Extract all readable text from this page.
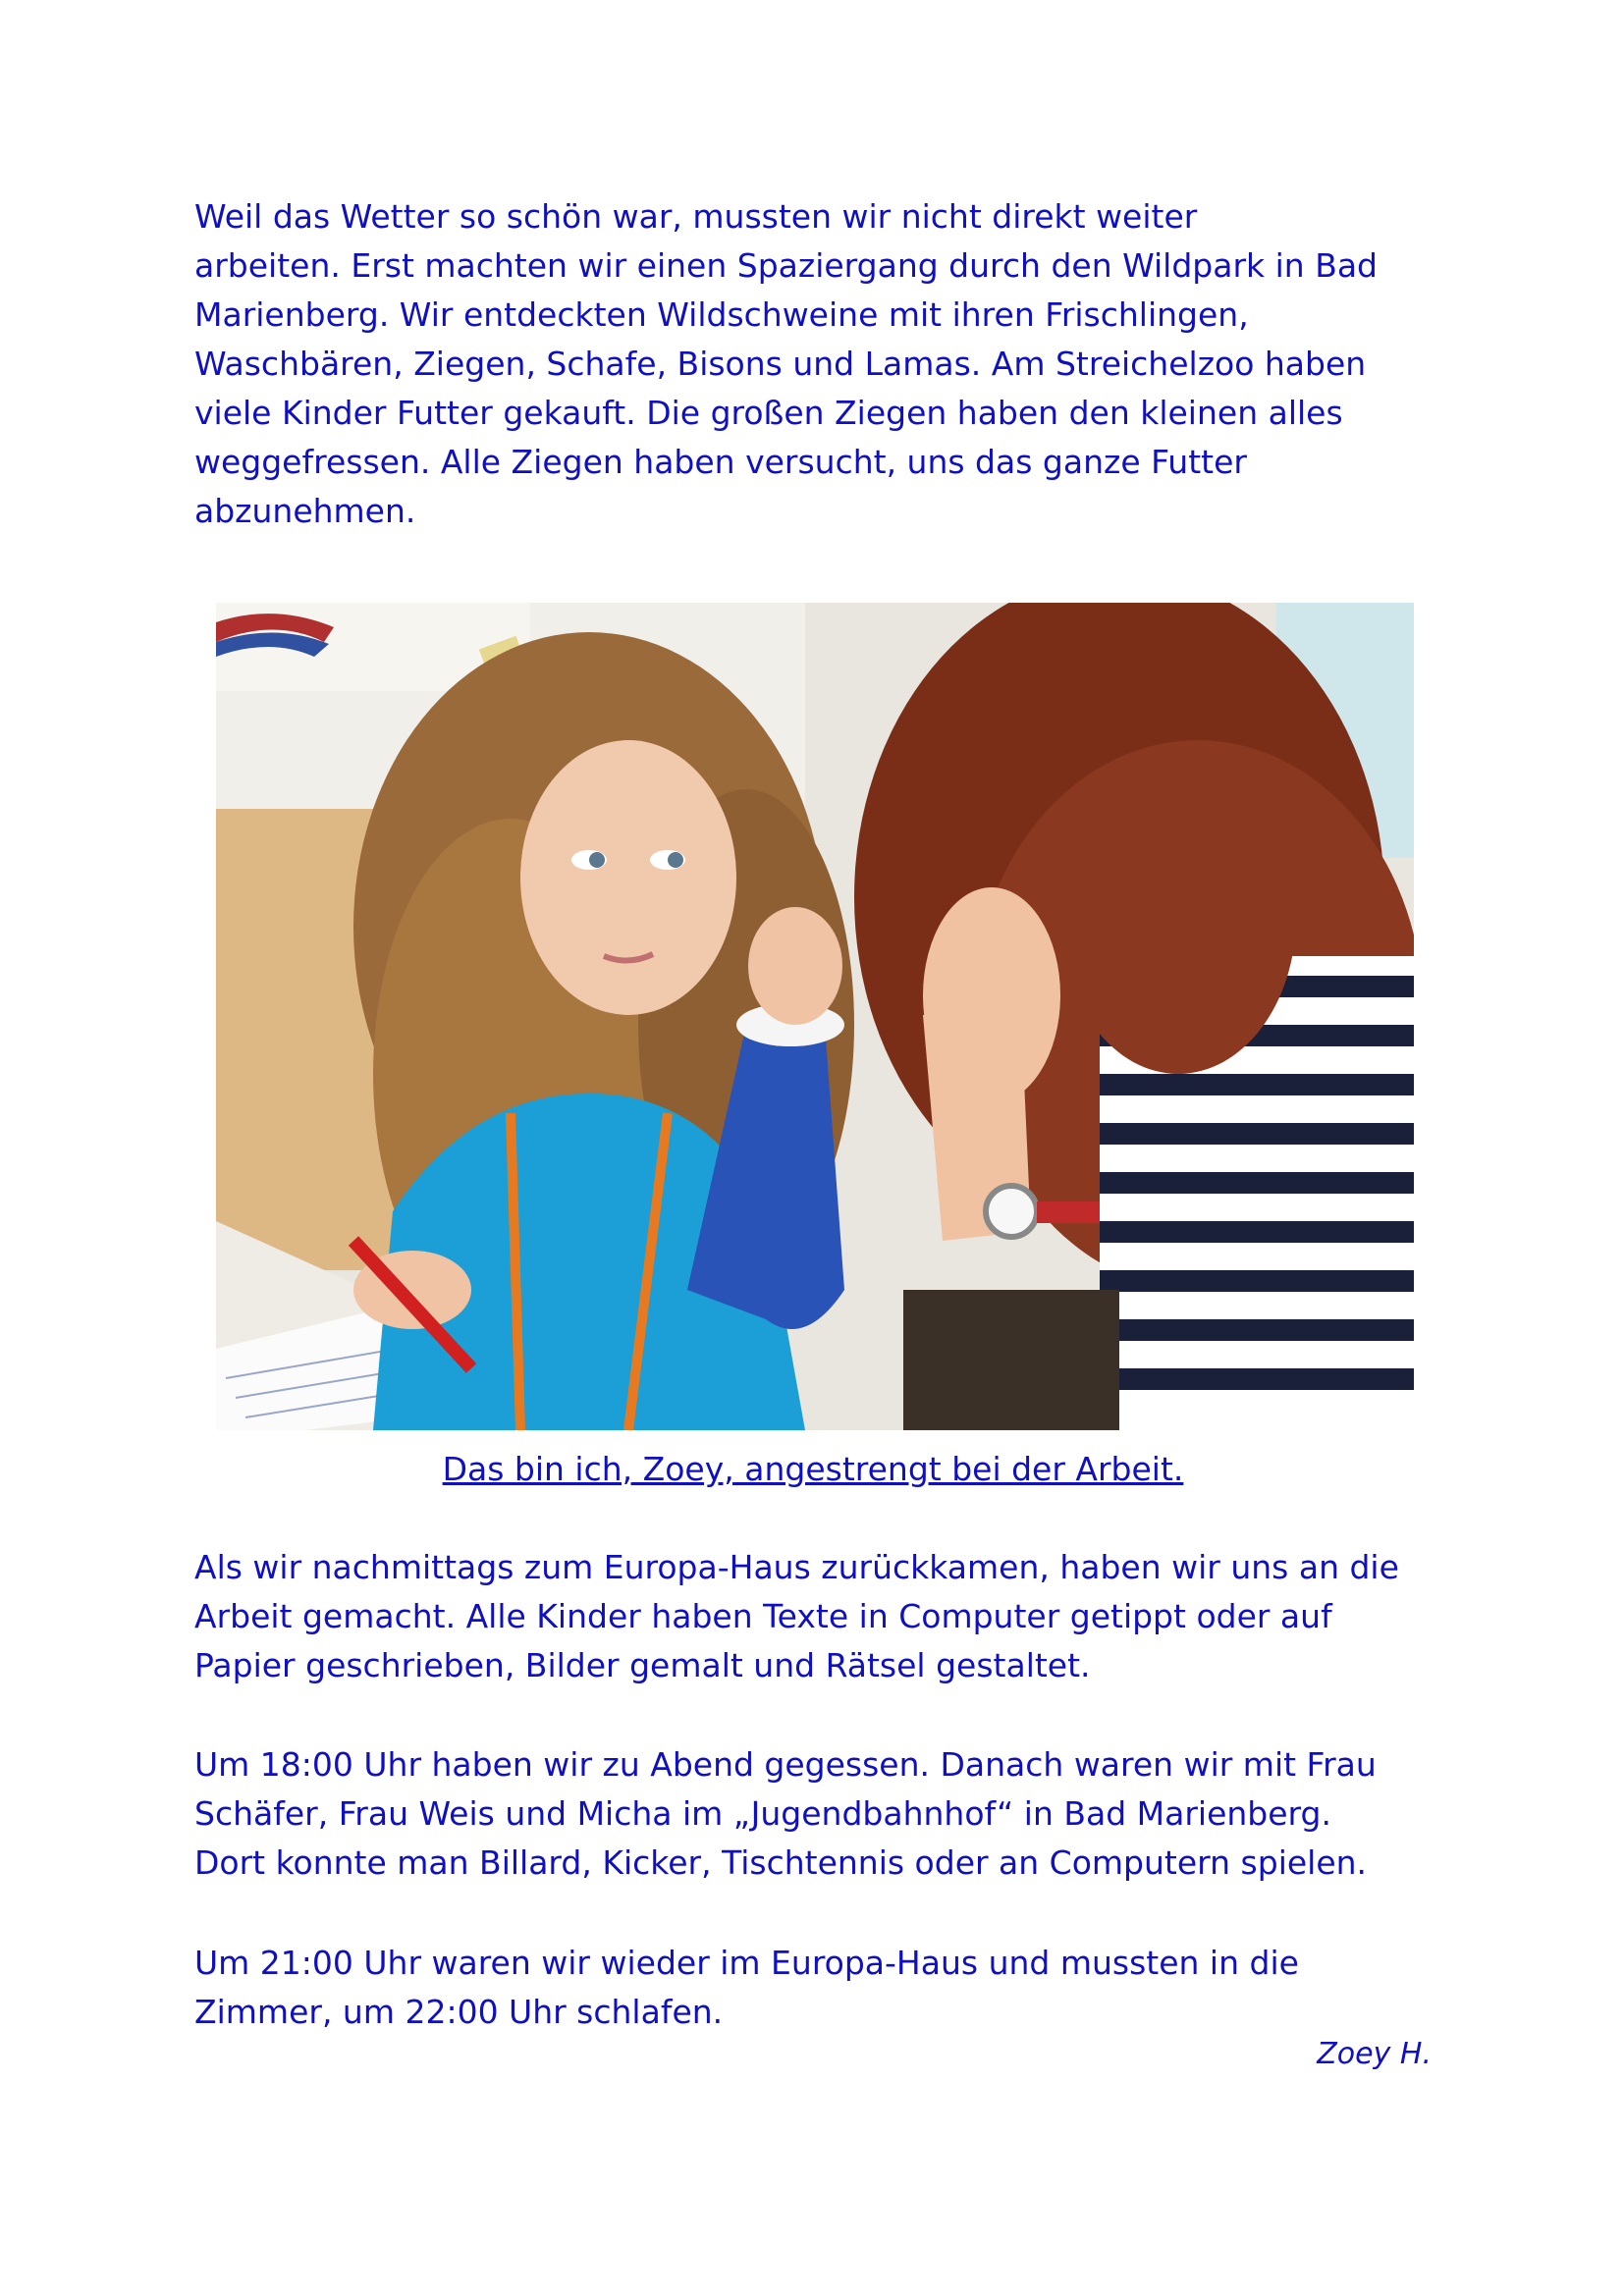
Weil das Wetter so schön war, mussten wir nicht direkt weiter
arbeiten. Erst machten wir einen Spaziergang durch den Wildpark in Bad
Marienberg. Wir entdeckten Wildschweine mit ihren Frischlingen,
Waschbären, Ziegen, Schafe, Bisons und Lamas. Am Streichelzoo haben
viele Kinder Futter gekauft. Die großen Ziegen haben den kleinen alles
weggefressen. Alle Ziegen haben versucht, uns das ganze Futter
abzunehmen.
Das bin ich, Zoey, angestrengt bei der Arbeit.
Als wir nachmittags zum Europa-Haus zurückkamen, haben wir uns an die
Arbeit gemacht. Alle Kinder haben Texte in Computer getippt oder auf
Papier geschrieben, Bilder gemalt und Rätsel gestaltet.
Um 18:00 Uhr haben wir zu Abend gegessen. Danach waren wir mit Frau
Schäfer, Frau Weis und Micha im „Jugendbahnhof“ in Bad Marienberg.
Dort konnte man Billard, Kicker, Tischtennis oder an Computern spielen.
Um 21:00 Uhr waren wir wieder im Europa-Haus und mussten in die
Zimmer, um 22:00 Uhr schlafen.
Zoey H.
